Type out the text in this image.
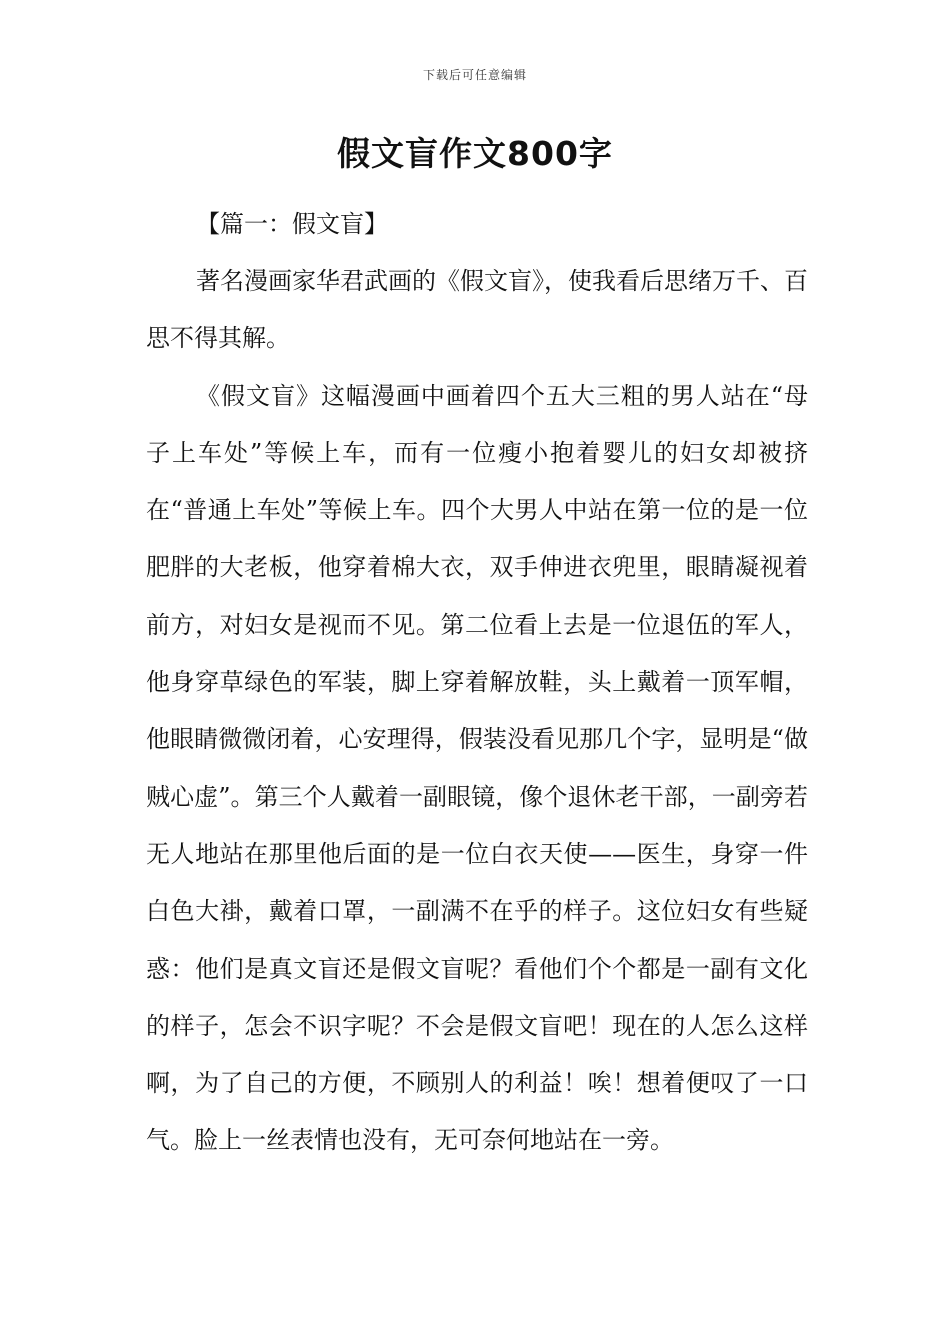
下载后可任意编辑
假文盲作文800字

【篇一：假文盲】

著名漫画家华君武画的《假文盲》，使我看后思绪万千、百思不得其解。

《假文盲》这幅漫画中画着四个五大三粗的男人站在“母子上车处”等候上车，而有一位瘦小抱着婴儿的妇女却被挤在“普通上车处”等候上车。四个大男人中站在第一位的是一位肥胖的大老板，他穿着棉大衣，双手伸进衣兜里，眼睛凝视着前方，对妇女是视而不见。第二位看上去是一位退伍的军人，他身穿草绿色的军装，脚上穿着解放鞋，头上戴着一顶军帽，他眼睛微微闭着，心安理得，假装没看见那几个字，显明是“做贼心虚”。第三个人戴着一副眼镜，像个退休老干部，一副旁若无人地站在那里他后面的是一位白衣天使——医生，身穿一件白色大褂，戴着口罩，一副满不在乎的样子。这位妇女有些疑惑：他们是真文盲还是假文盲呢？看他们个个都是一副有文化的样子，怎会不识字呢？不会是假文盲吧！现在的人怎么这样啊，为了自己的方便，不顾别人的利益！唉！想着便叹了一口气。脸上一丝表情也没有，无可奈何地站在一旁。
